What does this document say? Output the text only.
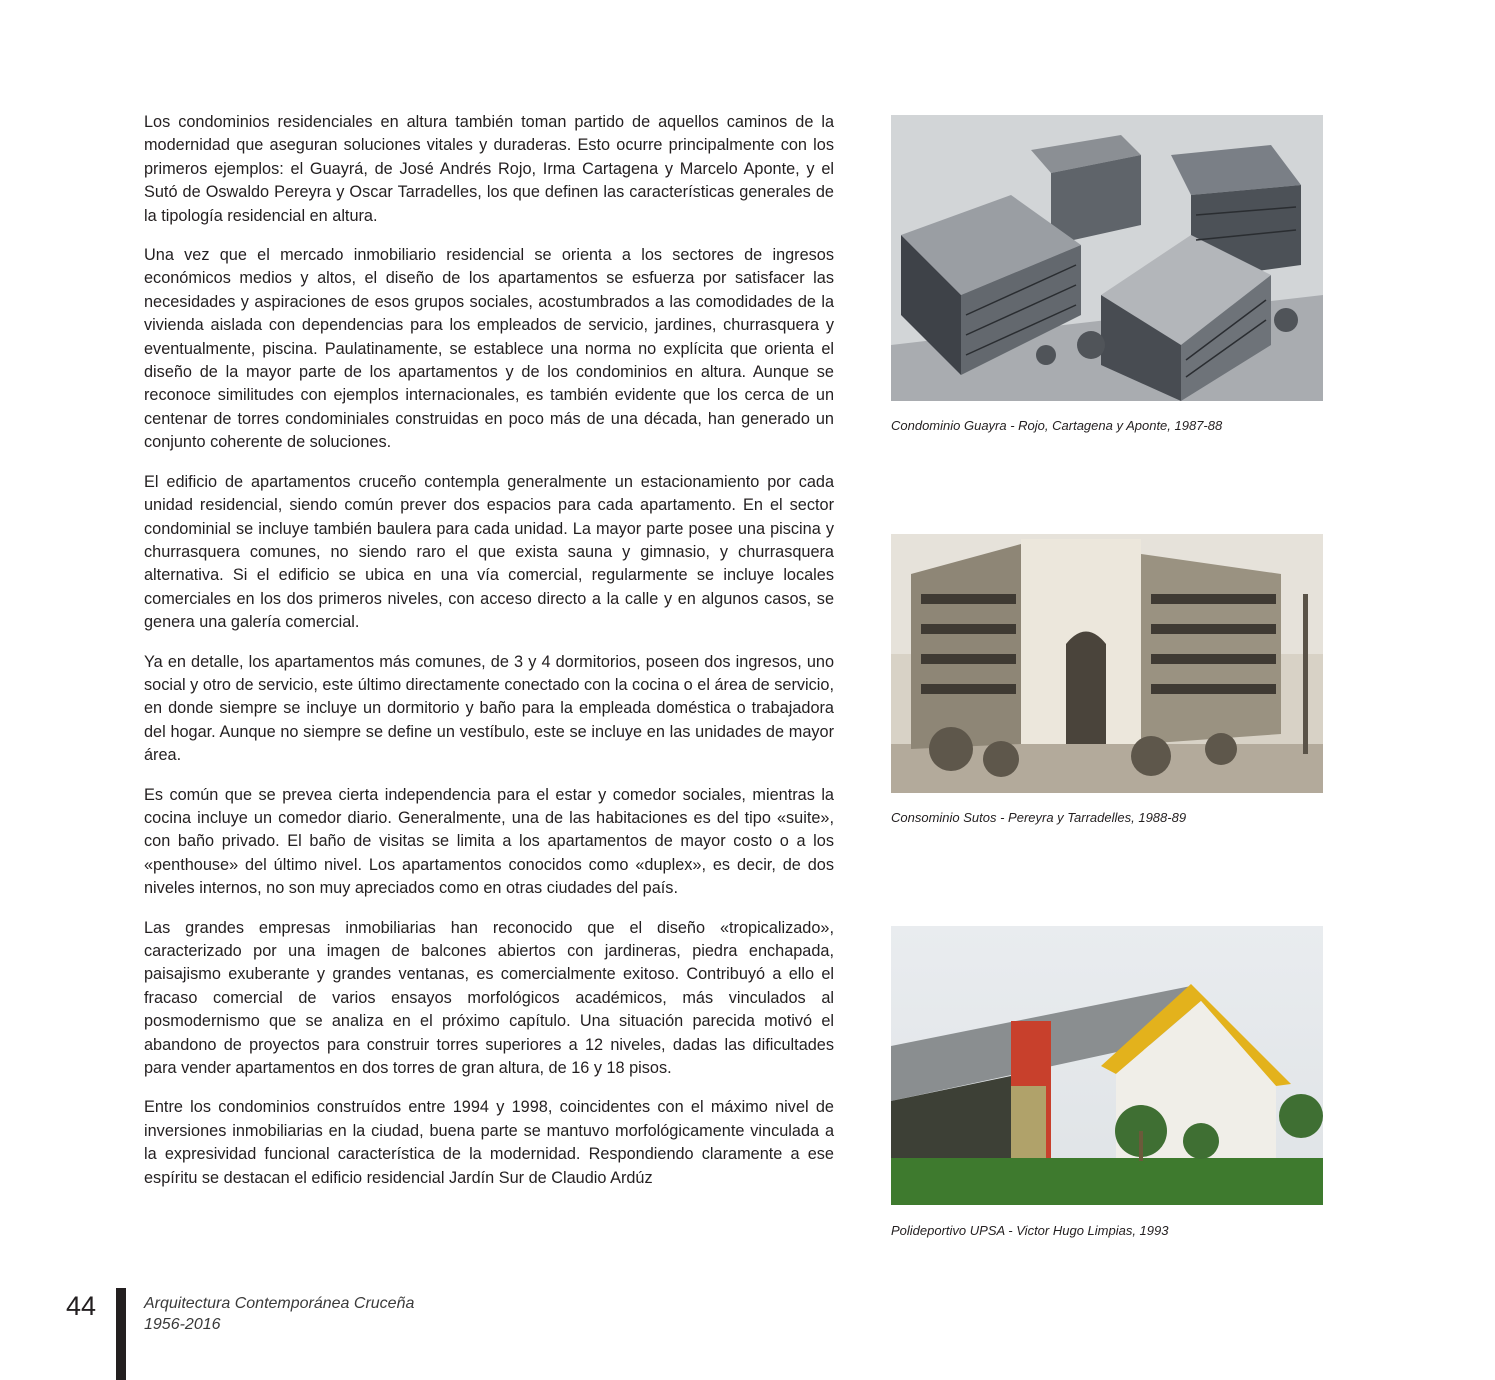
Los condominios residenciales en altura también toman partido de aquellos caminos de la modernidad que aseguran soluciones vitales y duraderas. Esto ocurre principalmente con los primeros ejemplos: el Guayrá, de José Andrés Rojo, Irma Cartagena y Marcelo Aponte, y el Sutó de Oswaldo Pereyra y Oscar Tarradelles, los que definen las características generales de la tipología residencial en altura.

Una vez que el mercado inmobiliario residencial se orienta a los sectores de ingresos económicos medios y altos, el diseño de los apartamentos se esfuerza por satisfacer las necesidades y aspiraciones de esos grupos sociales, acostumbrados a las comodidades de la vivienda aislada con dependencias para los empleados de servicio, jardines, churrasquera y eventualmente, piscina. Paulatinamente, se establece una norma no explícita que orienta el diseño de la mayor parte de los apartamentos y de los condominios en altura. Aunque se reconoce similitudes con ejemplos internacionales, es también evidente que los cerca de un centenar de torres condominiales construidas en poco más de una década, han generado un conjunto coherente de soluciones.

El edificio de apartamentos cruceño contempla generalmente un estacionamiento por cada unidad residencial, siendo común prever dos espacios para cada apartamento. En el sector condominial se incluye también baulera para cada unidad. La mayor parte posee una piscina y churrasquera comunes, no siendo raro el que exista sauna y gimnasio, y churrasquera alternativa. Si el edificio se ubica en una vía comercial, regularmente se incluye locales comerciales en los dos primeros niveles, con acceso directo a la calle y en algunos casos, se genera una galería comercial.

Ya en detalle, los apartamentos más comunes, de 3 y 4 dormitorios, poseen dos ingresos, uno social y otro de servicio, este último directamente conectado con la cocina o el área de servicio, en donde siempre se incluye un dormitorio y baño para la empleada doméstica o trabajadora del hogar. Aunque no siempre se define un vestíbulo, este se incluye en las unidades de mayor área.

Es común que se prevea cierta independencia para el estar y comedor sociales, mientras la cocina incluye un comedor diario. Generalmente, una de las habitaciones es del tipo «suite», con baño privado. El baño de visitas se limita a los apartamentos de mayor costo o a los «penthouse» del último nivel. Los apartamentos conocidos como «duplex», es decir, de dos niveles internos, no son muy apreciados como en otras ciudades del país.

Las grandes empresas inmobiliarias han reconocido que el diseño «tropicalizado», caracterizado por una imagen de balcones abiertos con jardineras, piedra enchapada, paisajismo exuberante y grandes ventanas, es comercialmente exitoso. Contribuyó a ello el fracaso comercial de varios ensayos morfológicos académicos, más vinculados al posmodernismo que se analiza en el próximo capítulo. Una situación parecida motivó el abandono de proyectos para construir torres superiores a 12 niveles, dadas las dificultades para vender apartamentos en dos torres de gran altura, de 16 y 18 pisos.

Entre los condominios construídos entre 1994 y 1998, coincidentes con el máximo nivel de inversiones inmobiliarias en la ciudad, buena parte se mantuvo morfológicamente vinculada a la expresividad funcional característica de la modernidad. Respondiendo claramente a ese espíritu se destacan el edificio residencial Jardín Sur de Claudio Ardúz

Condominio Guayra - Rojo, Cartagena y Aponte, 1987-88
Consominio Sutos - Pereyra y Tarradelles, 1988-89
Polideportivo UPSA - Victor Hugo Limpias, 1993
44	Arquitectura Contemporánea Cruceña
1956-2016
